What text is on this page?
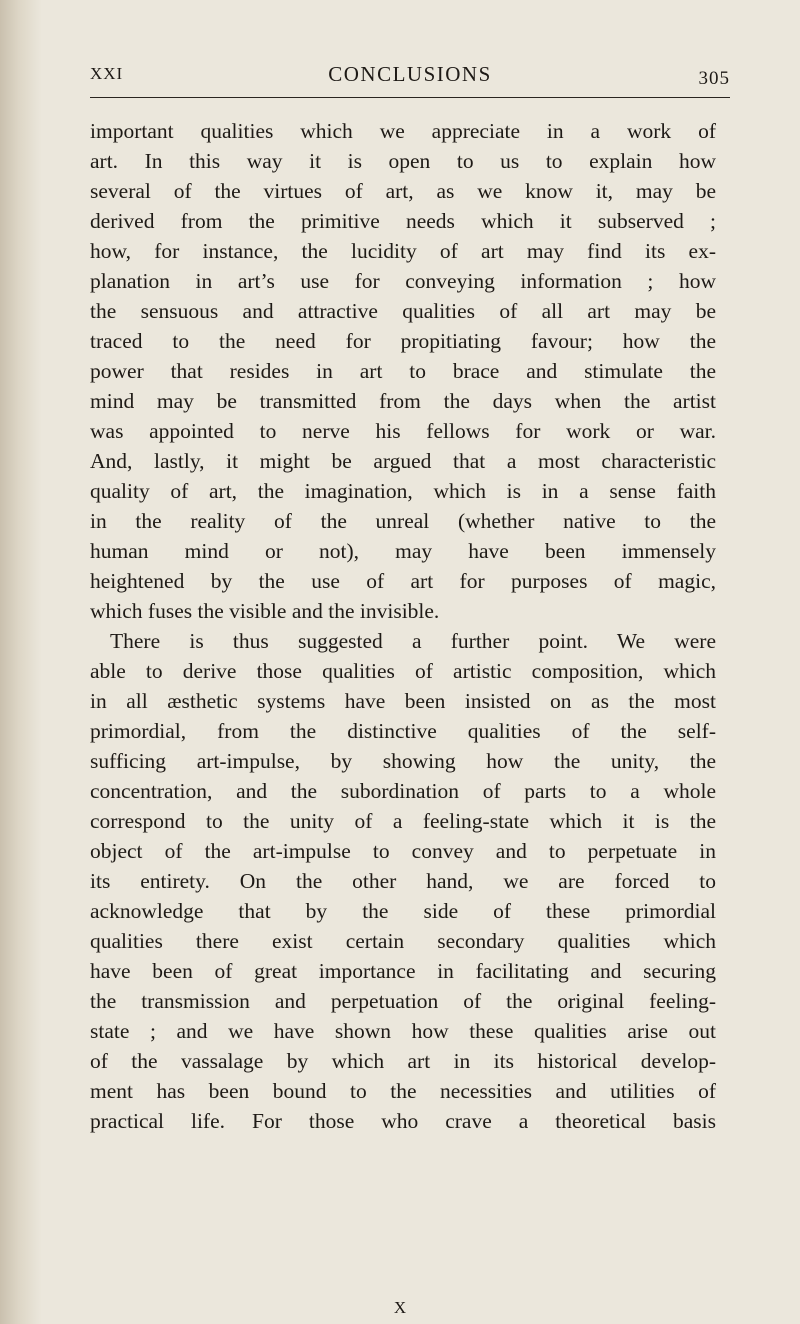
XXI	CONCLUSIONS	305
important qualities which we appreciate in a work of
art. In this way it is open to us to explain how
several of the virtues of art, as we know it, may be
derived from the primitive needs which it subserved ;
how, for instance, the lucidity of art may find its ex-
planation in art’s use for conveying information ; how
the sensuous and attractive qualities of all art may be
traced to the need for propitiating favour; how the
power that resides in art to brace and stimulate the
mind may be transmitted from the days when the artist
was appointed to nerve his fellows for work or war.
And, lastly, it might be argued that a most characteristic
quality of art, the imagination, which is in a sense faith
in the reality of the unreal (whether native to the
human mind or not), may have been immensely
heightened by the use of art for purposes of magic,
which fuses the visible and the invisible.
There is thus suggested a further point. We were
able to derive those qualities of artistic composition, which
in all æsthetic systems have been insisted on as the most
primordial, from the distinctive qualities of the self-
sufficing art-impulse, by showing how the unity, the
concentration, and the subordination of parts to a whole
correspond to the unity of a feeling-state which it is the
object of the art-impulse to convey and to perpetuate in
its entirety. On the other hand, we are forced to
acknowledge that by the side of these primordial
qualities there exist certain secondary qualities which
have been of great importance in facilitating and securing
the transmission and perpetuation of the original feeling-
state ; and we have shown how these qualities arise out
of the vassalage by which art in its historical develop-
ment has been bound to the necessities and utilities of
practical life. For those who crave a theoretical basis
X
